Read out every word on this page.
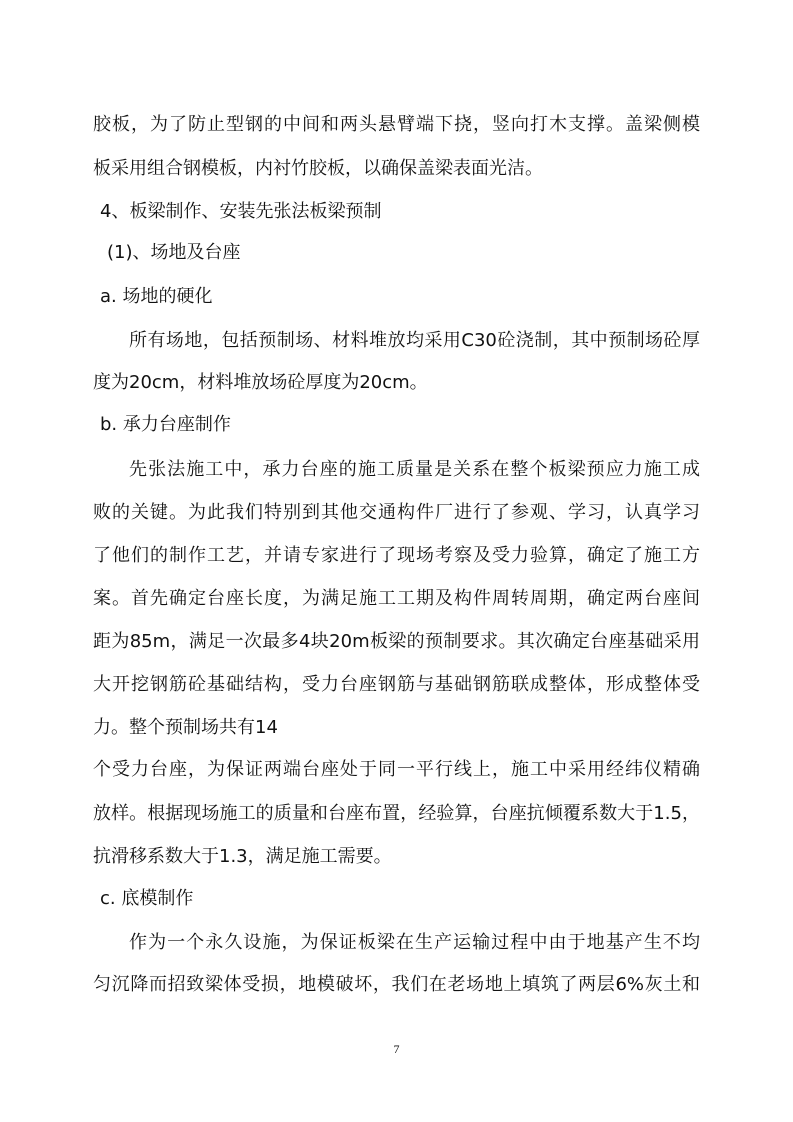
胶板，为了防止型钢的中间和两头悬臂端下挠，竖向打木支撑。盖梁侧模
板采用组合钢模板，内衬竹胶板，以确保盖梁表面光洁。
4、板梁制作、安装先张法板梁预制
(1)、场地及台座
a. 场地的硬化
所有场地，包括预制场、材料堆放均采用C30砼浇制，其中预制场砼厚
度为20cm，材料堆放场砼厚度为20cm。
b. 承力台座制作
先张法施工中，承力台座的施工质量是关系在整个板梁预应力施工成
败的关键。为此我们特别到其他交通构件厂进行了参观、学习，认真学习
了他们的制作工艺，并请专家进行了现场考察及受力验算，确定了施工方
案。首先确定台座长度，为满足施工工期及构件周转周期，确定两台座间
距为85m，满足一次最多4块20m板梁的预制要求。其次确定台座基础采用
大开挖钢筋砼基础结构，受力台座钢筋与基础钢筋联成整体，形成整体受
力。整个预制场共有14
个受力台座，为保证两端台座处于同一平行线上，施工中采用经纬仪精确
放样。根据现场施工的质量和台座布置，经验算，台座抗倾覆系数大于1.5，
抗滑移系数大于1.3，满足施工需要。
c. 底模制作
作为一个永久设施，为保证板梁在生产运输过程中由于地基产生不均
匀沉降而招致梁体受损，地模破坏，我们在老场地上填筑了两层6%灰土和
7
